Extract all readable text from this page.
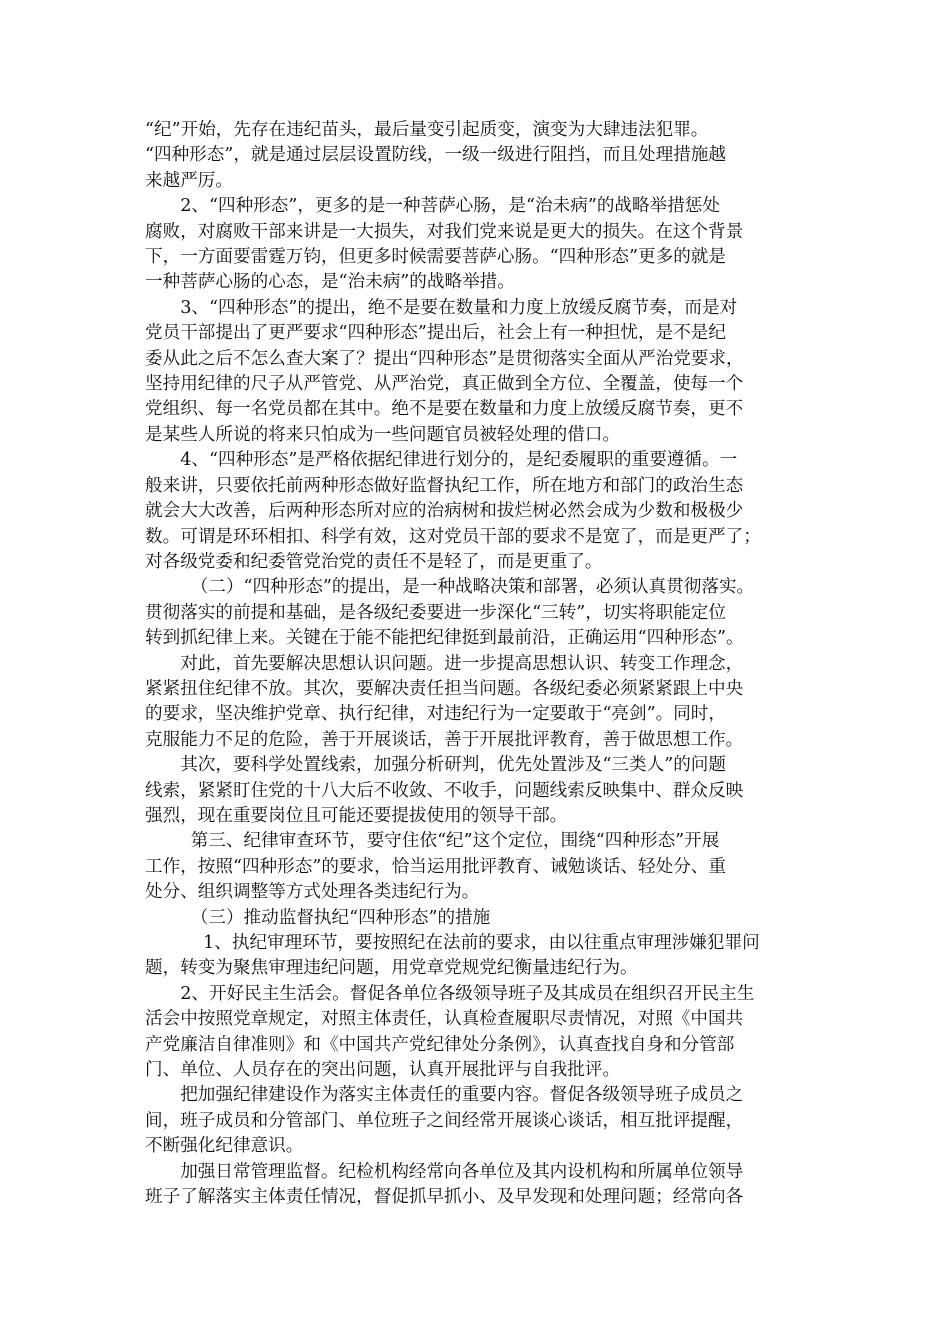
“纪”开始，先存在违纪苗头，最后量变引起质变，演变为大肆违法犯罪。
“四种形态”，就是通过层层设置防线，一级一级进行阻挡，而且处理措施越
来越严厉。
2、“四种形态”，更多的是一种菩萨心肠，是“治未病”的战略举措惩处
腐败，对腐败干部来讲是一大损失，对我们党来说是更大的损失。在这个背景
下，一方面要雷霆万钧，但更多时候需要菩萨心肠。“四种形态”更多的就是
一种菩萨心肠的心态，是“治未病”的战略举措。
3、“四种形态”的提出，绝不是要在数量和力度上放缓反腐节奏，而是对
党员干部提出了更严要求“四种形态”提出后，社会上有一种担忧，是不是纪
委从此之后不怎么查大案了？提出“四种形态”是贯彻落实全面从严治党要求，
坚持用纪律的尺子从严管党、从严治党，真正做到全方位、全覆盖，使每一个
党组织、每一名党员都在其中。绝不是要在数量和力度上放缓反腐节奏，更不
是某些人所说的将来只怕成为一些问题官员被轻处理的借口。
4、“四种形态”是严格依据纪律进行划分的，是纪委履职的重要遵循。一
般来讲，只要依托前两种形态做好监督执纪工作，所在地方和部门的政治生态
就会大大改善，后两种形态所对应的治病树和拔烂树必然会成为少数和极极少
数。可谓是环环相扣、科学有效，这对党员干部的要求不是宽了，而是更严了；
对各级党委和纪委管党治党的责任不是轻了，而是更重了。
（二）“四种形态”的提出，是一种战略决策和部署，必须认真贯彻落实。
贯彻落实的前提和基础，是各级纪委要进一步深化“三转”，切实将职能定位
转到抓纪律上来。关键在于能不能把纪律挺到最前沿，正确运用“四种形态”。
对此，首先要解决思想认识问题。进一步提高思想认识、转变工作理念，
紧紧扭住纪律不放。其次，要解决责任担当问题。各级纪委必须紧紧跟上中央
的要求，坚决维护党章、执行纪律，对违纪行为一定要敢于“亮剑”。同时，
克服能力不足的危险，善于开展谈话，善于开展批评教育，善于做思想工作。
其次，要科学处置线索，加强分析研判，优先处置涉及“三类人”的问题
线索，紧紧盯住党的十八大后不收敛、不收手，问题线索反映集中、群众反映
强烈，现在重要岗位且可能还要提拔使用的领导干部。
第三、纪律审查环节，要守住依“纪”这个定位，围绕“四种形态”开展
工作，按照“四种形态”的要求，恰当运用批评教育、诫勉谈话、轻处分、重
处分、组织调整等方式处理各类违纪行为。
（三）推动监督执纪“四种形态”的措施
1、执纪审理环节，要按照纪在法前的要求，由以往重点审理涉嫌犯罪问
题，转变为聚焦审理违纪问题，用党章党规党纪衡量违纪行为。
2、开好民主生活会。督促各单位各级领导班子及其成员在组织召开民主生
活会中按照党章规定，对照主体责任，认真检查履职尽责情况，对照《中国共
产党廉洁自律准则》和《中国共产党纪律处分条例》，认真查找自身和分管部
门、单位、人员存在的突出问题，认真开展批评与自我批评。
把加强纪律建设作为落实主体责任的重要内容。督促各级领导班子成员之
间，班子成员和分管部门、单位班子之间经常开展谈心谈话，相互批评提醒，
不断强化纪律意识。
加强日常管理监督。纪检机构经常向各单位及其内设机构和所属单位领导
班子了解落实主体责任情况，督促抓早抓小、及早发现和处理问题；经常向各
